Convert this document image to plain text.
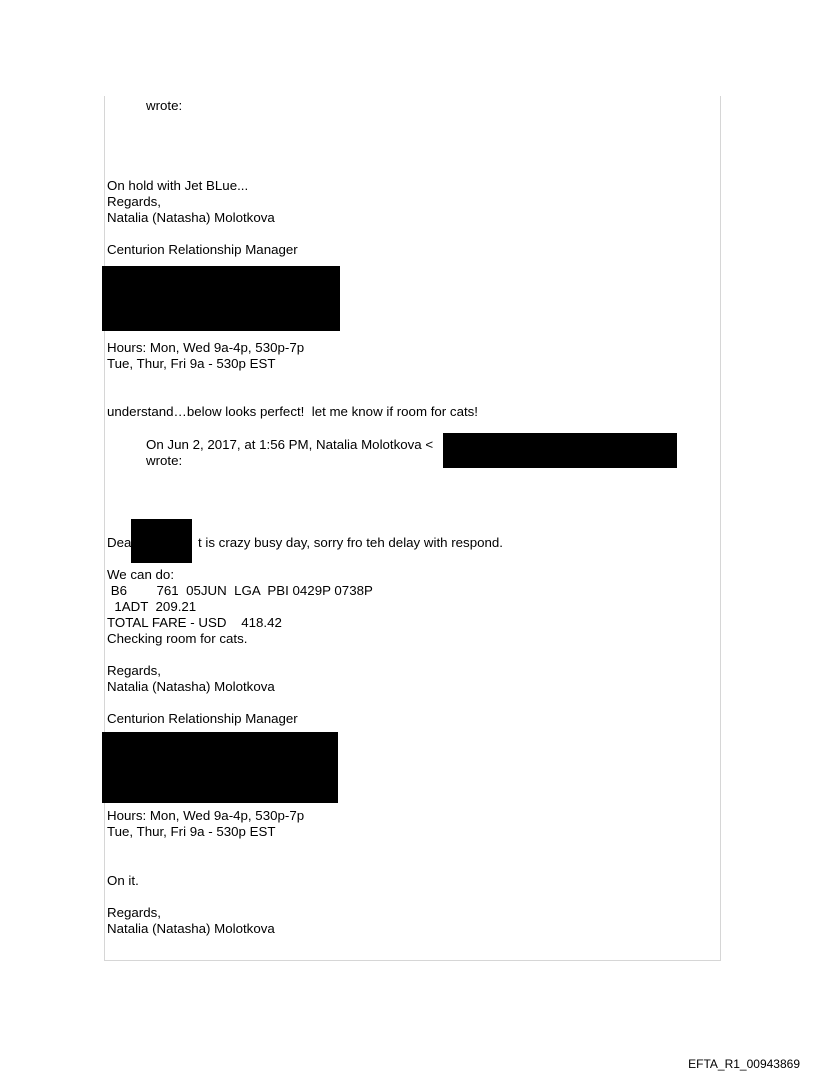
wrote:
On hold with Jet BLue...
Regards,
Natalia (Natasha) Molotkova
Centurion Relationship Manager
Hours: Mon, Wed 9a-4p, 530p-7p
Tue, Thur, Fri 9a - 530p EST
understand…below looks perfect!  let me know if room for cats!
On Jun 2, 2017, at 1:56 PM, Natalia Molotkova <
wrote:
Dea	t is crazy busy day, sorry fro teh delay with respond.
We can do:
B6        761  05JUN  LGA  PBI 0429P 0738P
1ADT  209.21
TOTAL FARE - USD    418.42
Checking room for cats.
Regards,
Natalia (Natasha) Molotkova
Centurion Relationship Manager
Hours: Mon, Wed 9a-4p, 530p-7p
Tue, Thur, Fri 9a - 530p EST
On it.
Regards,
Natalia (Natasha) Molotkova
EFTA_R1_00943869
